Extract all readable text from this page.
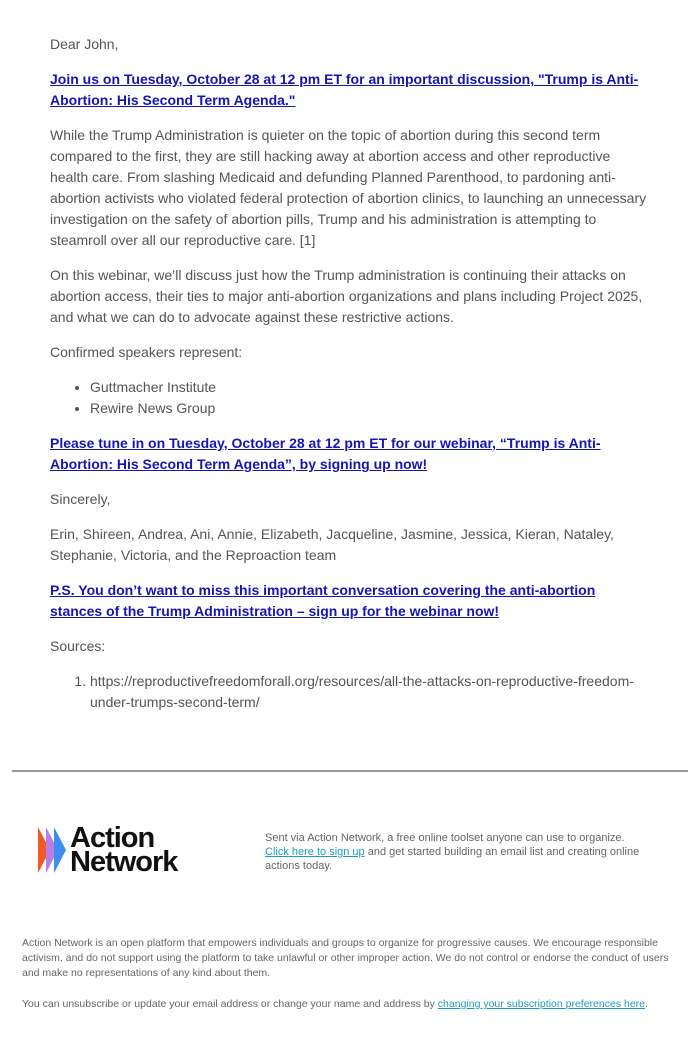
Dear John,

Join us on Tuesday, October 28 at 12 pm ET for an important discussion, "Trump is Anti-Abortion: His Second Term Agenda."

While the Trump Administration is quieter on the topic of abortion during this second term compared to the first, they are still hacking away at abortion access and other reproductive health care. From slashing Medicaid and defunding Planned Parenthood, to pardoning anti-abortion activists who violated federal protection of abortion clinics, to launching an unnecessary investigation on the safety of abortion pills, Trump and his administration is attempting to steamroll over all our reproductive care. [1]

On this webinar, we’ll discuss just how the Trump administration is continuing their attacks on abortion access, their ties to major anti-abortion organizations and plans including Project 2025, and what we can do to advocate against these restrictive actions.

Confirmed speakers represent:

• Guttmacher Institute
• Rewire News Group

Please tune in on Tuesday, October 28 at 12 pm ET for our webinar, “Trump is Anti-Abortion: His Second Term Agenda”, by signing up now!

Sincerely,

Erin, Shireen, Andrea, Ani, Annie, Elizabeth, Jacqueline, Jasmine, Jessica, Kieran, Nataley, Stephanie, Victoria, and the Reproaction team

P.S. You don’t want to miss this important conversation covering the anti-abortion stances of the Trump Administration – sign up for the webinar now!

Sources:

1. https://reproductivefreedomforall.org/resources/all-the-attacks-on-reproductive-freedom-under-trumps-second-term/
Action
Network
Sent via Action Network, a free online toolset anyone can use to organize.
Click here to sign up and get started building an email list and creating online actions today.
Action Network is an open platform that empowers individuals and groups to organize for progressive causes. We encourage responsible activism, and do not support using the platform to take unlawful or other improper action. We do not control or endorse the conduct of users and make no representations of any kind about them.
You can unsubscribe or update your email address or change your name and address by changing your subscription preferences here.
